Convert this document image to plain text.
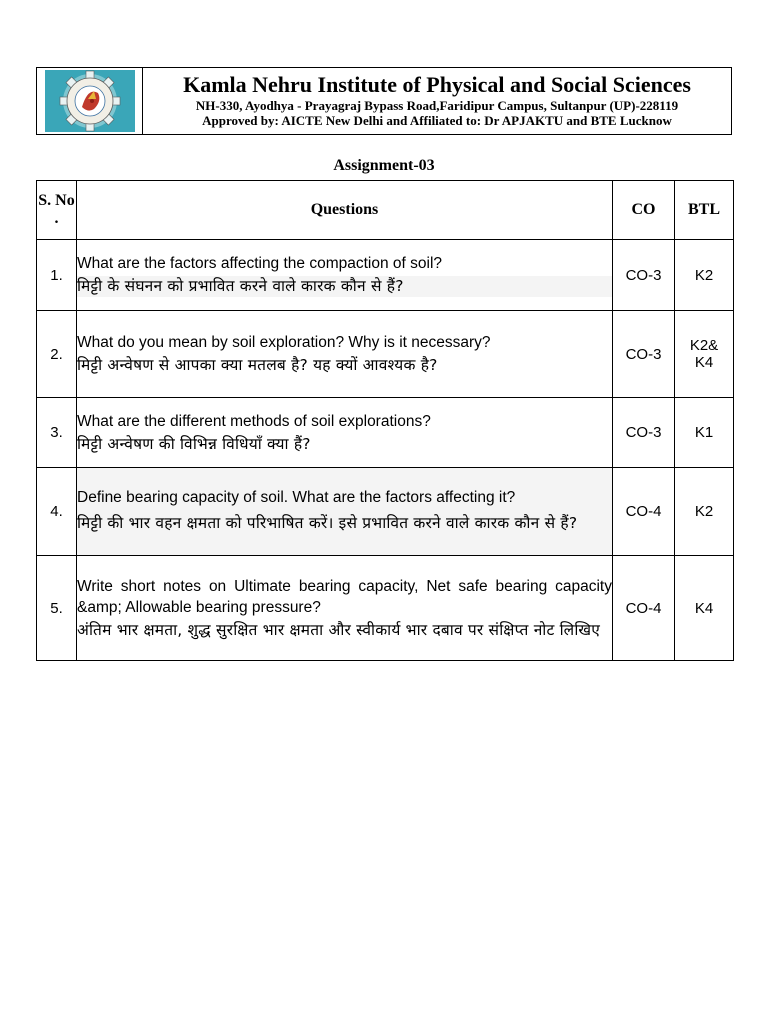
Kamla Nehru Institute of Physical and Social Sciences
NH-330, Ayodhya - Prayagraj Bypass Road,Faridipur Campus, Sultanpur (UP)-228119
Approved by: AICTE New Delhi and Affiliated to: Dr APJAKTU and BTE Lucknow
Assignment-03
S. No .	Questions	CO	BTL
1.	What are the factors affecting the compaction of soil?
मिट्टी के संघनन को प्रभावित करने वाले कारक कौन से हैं?	CO-3	K2
2.	What do you mean by soil exploration? Why is it necessary?
मिट्टी अन्वेषण से आपका क्या मतलब है? यह क्यों आवश्यक है?	CO-3	K2& K4
3.	What are the different methods of soil explorations?
मिट्टी अन्वेषण की विभिन्न विधियाँ क्या हैं?	CO-3	K1
4.	Define bearing capacity of soil. What are the factors affecting it?
मिट्टी की भार वहन क्षमता को परिभाषित करें। इसे प्रभावित करने वाले कारक कौन से हैं?	CO-4	K2
5.	Write short notes on Ultimate bearing capacity, Net safe bearing capacity &amp; Allowable bearing pressure?
अंतिम भार क्षमता, शुद्ध सुरक्षित भार क्षमता और स्वीकार्य भार दबाव पर संक्षिप्त नोट लिखिए	CO-4	K4
